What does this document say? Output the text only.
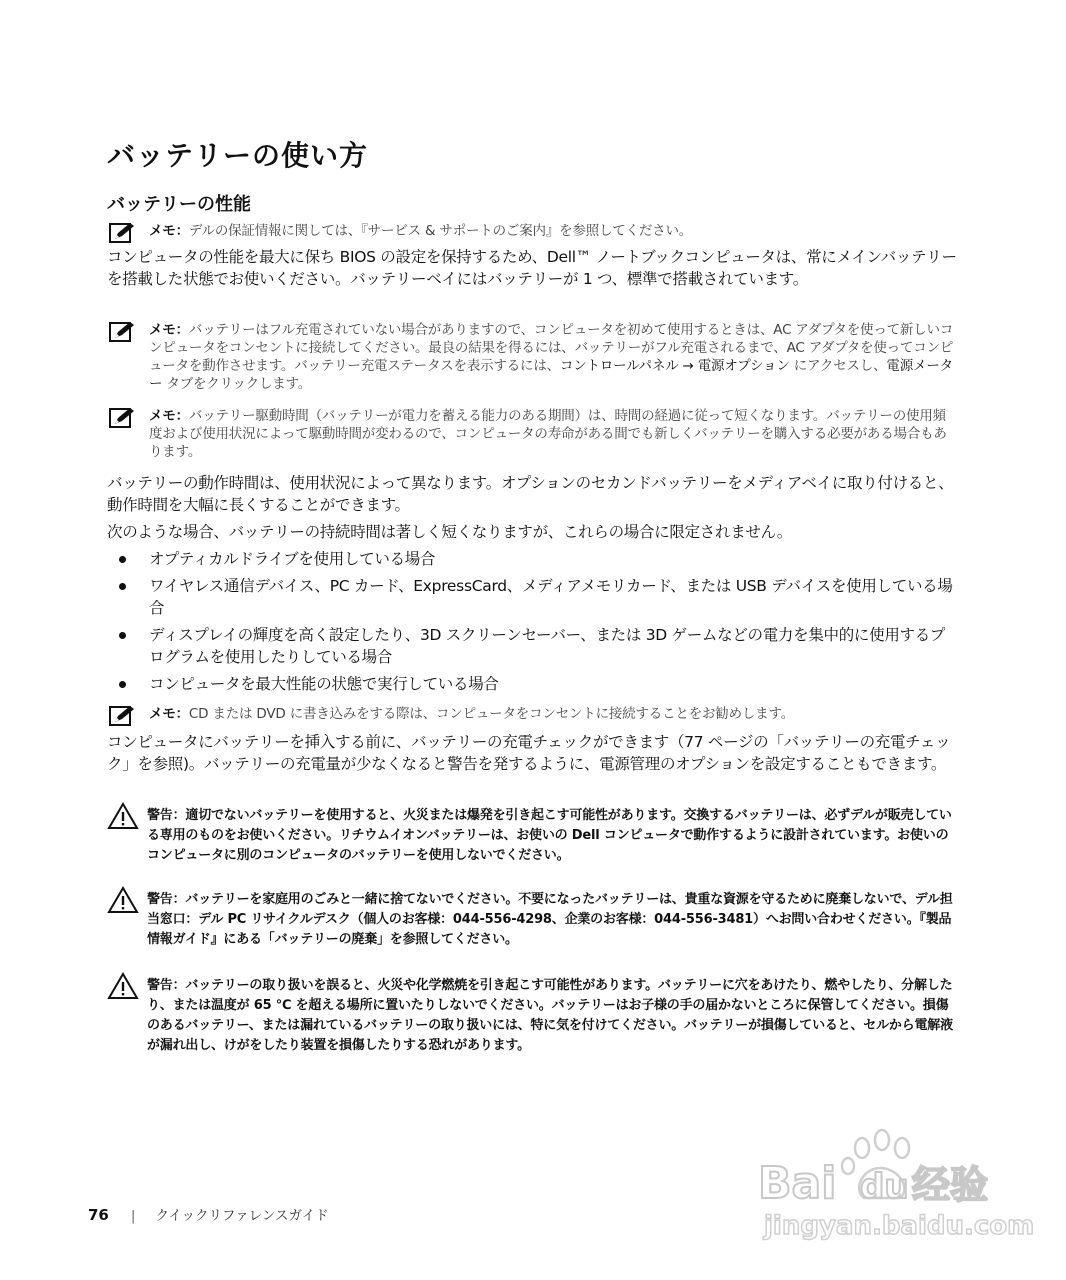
バッテリーの使い方
バッテリーの性能
メモ：デルの保証情報に関しては、『サービス & サポートのご案内』を参照してください。
コンピュータの性能を最大に保ち BIOS の設定を保持するため、Dell™ ノートブックコンピュータは、常にメインバッテリーを搭載した状態でお使いください。バッテリーベイにはバッテリーが 1 つ、標準で搭載されています。
メモ：バッテリーはフル充電されていない場合がありますので、コンピュータを初めて使用するときは、AC アダプタを使って新しいコンピュータをコンセントに接続してください。最良の結果を得るには、バッテリーがフル充電されるまで、AC アダプタを使ってコンピュータを動作させます。バッテリー充電ステータスを表示するには、コントロールパネル → 電源オプション にアクセスし、電源メーター タブをクリックします。
メモ：バッテリー駆動時間（バッテリーが電力を蓄える能力のある期間）は、時間の経過に従って短くなります。バッテリーの使用頻度および使用状況によって駆動時間が変わるので、コンピュータの寿命がある間でも新しくバッテリーを購入する必要がある場合もあります。
バッテリーの動作時間は、使用状況によって異なります。オプションのセカンドバッテリーをメディアベイに取り付けると、動作時間を大幅に長くすることができます。
次のような場合、バッテリーの持続時間は著しく短くなりますが、これらの場合に限定されません。
オプティカルドライブを使用している場合
ワイヤレス通信デバイス、PC カード、ExpressCard、メディアメモリカード、または USB デバイスを使用している場合
ディスプレイの輝度を高く設定したり、3D スクリーンセーバー、または 3D ゲームなどの電力を集中的に使用するプログラムを使用したりしている場合
コンピュータを最大性能の状態で実行している場合
メモ：CD または DVD に書き込みをする際は、コンピュータをコンセントに接続することをお勧めします。
コンピュータにバッテリーを挿入する前に、バッテリーの充電チェックができます（77 ページの「バッテリーの充電チェック」を参照)。バッテリーの充電量が少なくなると警告を発するように、電源管理のオプションを設定することもできます。
警告：適切でないバッテリーを使用すると、火災または爆発を引き起こす可能性があります。交換するバッテリーは、必ずデルが販売している専用のものをお使いください。リチウムイオンバッテリーは、お使いの Dell コンピュータで動作するように設計されています。お使いのコンピュータに別のコンピュータのバッテリーを使用しないでください。
警告：バッテリーを家庭用のごみと一緒に捨てないでください。不要になったバッテリーは、貴重な資源を守るために廃棄しないで、デル担当窓口：デル PC リサイクルデスク（個人のお客様：044-556-4298、企業のお客様：044-556-3481）へお問い合わせください。『製品情報ガイド』にある「バッテリーの廃棄」を参照してください。
警告：バッテリーの取り扱いを誤ると、火災や化学燃焼を引き起こす可能性があります。バッテリーに穴をあけたり、燃やしたり、分解したり、または温度が 65 ℃ を超える場所に置いたりしないでください。バッテリーはお子様の手の届かないところに保管してください。損傷のあるバッテリー、または漏れているバッテリーの取り扱いには、特に気を付けてください。バッテリーが損傷していると、セルから電解液が漏れ出し、けがをしたり装置を損傷したりする恐れがあります。
76 | クイックリファレンスガイド
Bai du 经验
jingyan.baidu.com
